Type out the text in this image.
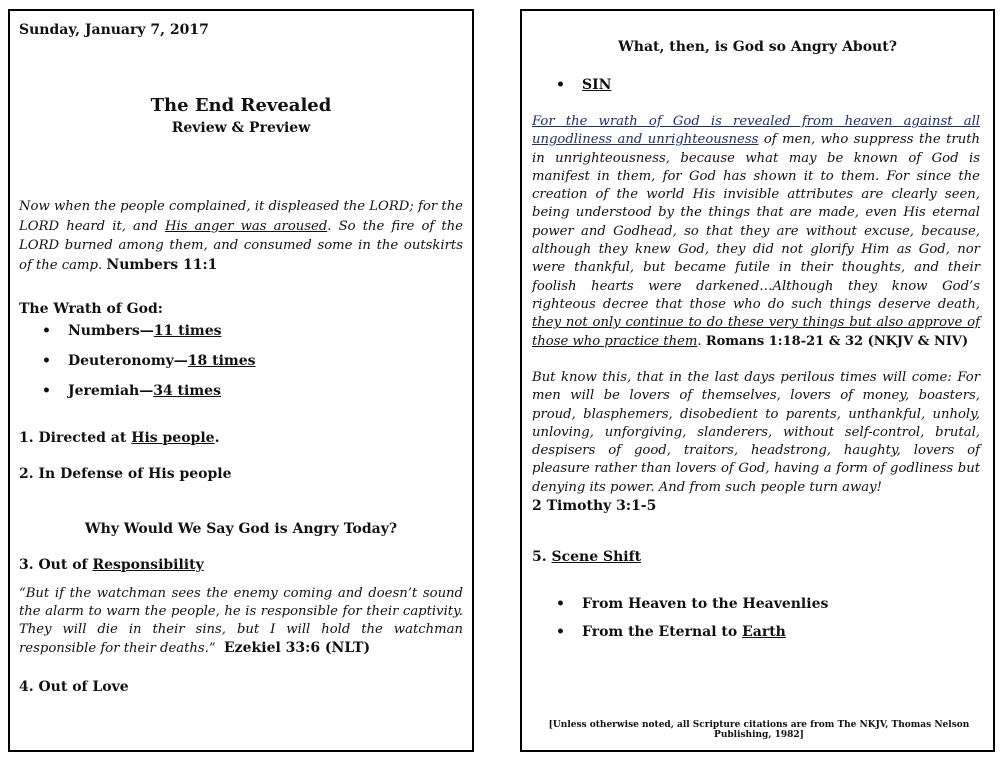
Sunday, January 7, 2017
The End Revealed
Review & Preview

Now when the people complained, it displeased the LORD; for the LORD heard it, and His anger was aroused. So the fire of the LORD burned among them, and consumed some in the outskirts of the camp. Numbers 11:1

The Wrath of God:
• Numbers—11 times
• Deuteronomy—18 times
• Jeremiah—34 times
1. Directed at His people.
2. In Defense of His people
Why Would We Say God is Angry Today?
3. Out of Responsibility

“But if the watchman sees the enemy coming and doesn’t sound the alarm to warn the people, he is responsible for their captivity. They will die in their sins, but I will hold the watchman responsible for their deaths.” Ezekiel 33:6 (NLT)

4. Out of Love
What, then, is God so Angry About?
• SIN

For the wrath of God is revealed from heaven against all ungodliness and unrighteousness of men, who suppress the truth in unrighteousness, because what may be known of God is manifest in them, for God has shown it to them. For since the creation of the world His invisible attributes are clearly seen, being understood by the things that are made, even His eternal power and Godhead, so that they are without excuse, because, although they knew God, they did not glorify Him as God, nor were thankful, but became futile in their thoughts, and their foolish hearts were darkened…Although they know God’s righteous decree that those who do such things deserve death, they not only continue to do these very things but also approve of those who practice them. Romans 1:18-21 & 32 (NKJV & NIV)

But know this, that in the last days perilous times will come: For men will be lovers of themselves, lovers of money, boasters, proud, blasphemers, disobedient to parents, unthankful, unholy, unloving, unforgiving, slanderers, without self-control, brutal, despisers of good, traitors, headstrong, haughty, lovers of pleasure rather than lovers of God, having a form of godliness but denying its power. And from such people turn away!
2 Timothy 3:1-5

5. Scene Shift
• From Heaven to the Heavenlies
• From the Eternal to Earth
[Unless otherwise noted, all Scripture citations are from The NKJV, Thomas Nelson Publishing, 1982]
